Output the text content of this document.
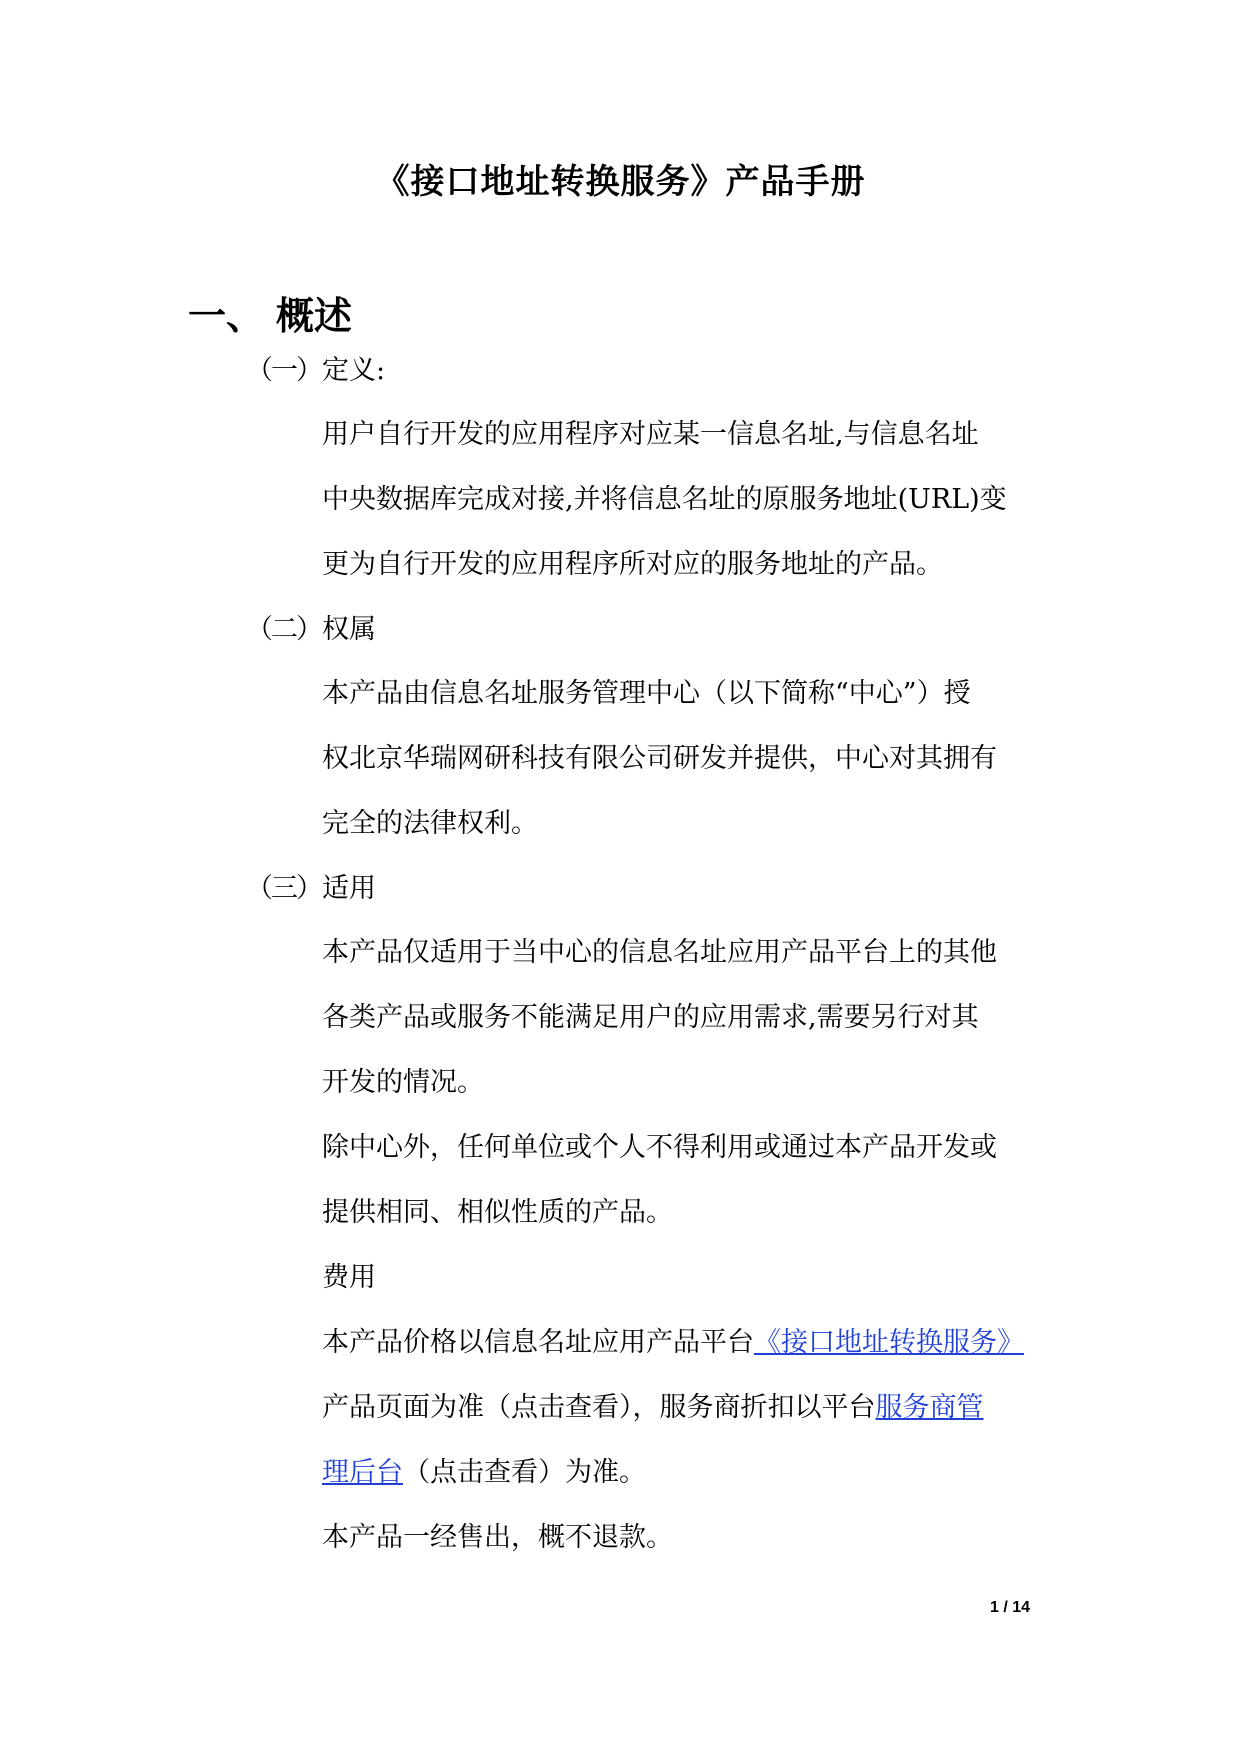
《接口地址转换服务》产品手册
一、 概述
（一）定义:
用户自行开发的应用程序对应某一信息名址,与信息名址
中央数据库完成对接,并将信息名址的原服务地址(URL)变
更为自行开发的应用程序所对应的服务地址的产品。
（二）权属
本产品由信息名址服务管理中心（以下简称“中心”）授
权北京华瑞网研科技有限公司研发并提供，中心对其拥有
完全的法律权利。
（三）适用
本产品仅适用于当中心的信息名址应用产品平台上的其他
各类产品或服务不能满足用户的应用需求,需要另行对其
开发的情况。
除中心外，任何单位或个人不得利用或通过本产品开发或
提供相同、相似性质的产品。
费用
本产品价格以信息名址应用产品平台《接口地址转换服务》
产品页面为准（点击查看），服务商折扣以平台服务商管
理后台（点击查看）为准。
本产品一经售出，概不退款。
1 / 14
